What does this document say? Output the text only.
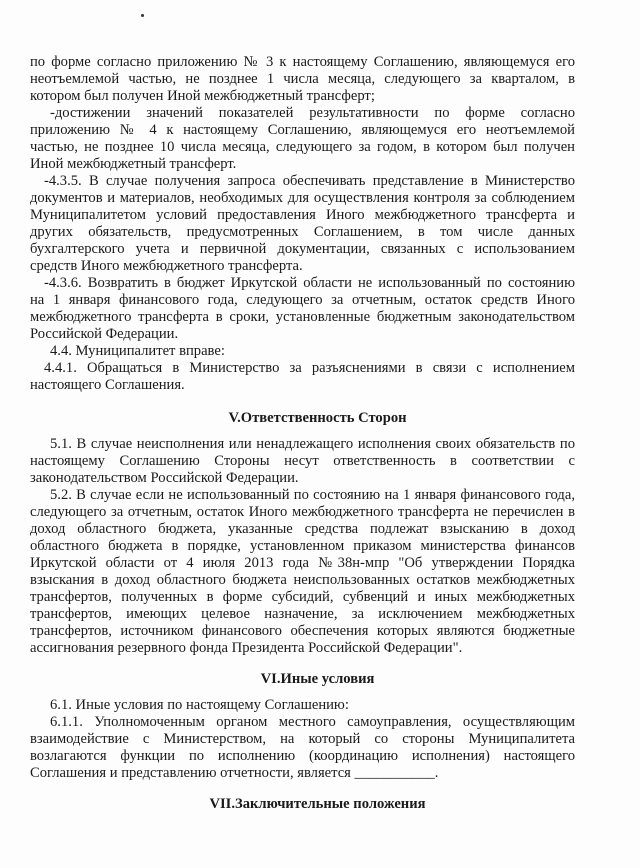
по форме согласно приложению № 3 к настоящему Соглашению, являющемуся его
неотъемлемой частью, не позднее 1 числа месяца, следующего за кварталом, в
котором был получен Иной межбюджетный трансферт;
-достижении значений показателей результативности по форме согласно
приложению № 4 к настоящему Соглашению, являющемуся его неотъемлемой
частью, не позднее 10 числа месяца, следующего за годом, в котором был получен
Иной межбюджетный трансферт.
-4.3.5. В случае получения запроса обеспечивать представление в Министерство
документов и материалов, необходимых для осуществления контроля за соблюдением
Муниципалитетом условий предоставления Иного межбюджетного трансферта и
других обязательств, предусмотренных Соглашением, в том числе данных
бухгалтерского учета и первичной документации, связанных с использованием
средств Иного межбюджетного трансферта.
-4.3.6. Возвратить в бюджет Иркутской области не использованный по состоянию
на 1 января финансового года, следующего за отчетным, остаток средств Иного
межбюджетного трансферта в сроки, установленные бюджетным законодательством
Российской Федерации.
4.4. Муниципалитет вправе:
4.4.1. Обращаться в Министерство за разъяснениями в связи с исполнением
настоящего Соглашения.
V.Ответственность Сторон
5.1. В случае неисполнения или ненадлежащего исполнения своих обязательств по
настоящему Соглашению Стороны несут ответственность в соответствии с
законодательством Российской Федерации.
5.2. В случае если не использованный по состоянию на 1 января финансового года,
следующего за отчетным, остаток Иного межбюджетного трансферта не перечислен в
доход областного бюджета, указанные средства подлежат взысканию в доход
областного бюджета в порядке, установленном приказом министерства финансов
Иркутской области от 4 июля 2013 года №38н-мпр "Об утверждении Порядка
взыскания в доход областного бюджета неиспользованных остатков межбюджетных
трансфертов, полученных в форме субсидий, субвенций и иных межбюджетных
трансфертов, имеющих целевое назначение, за исключением межбюджетных
трансфертов, источником финансового обеспечения которых являются бюджетные
ассигнования резервного фонда Президента Российской Федерации".
VI.Иные условия
6.1. Иные условия по настоящему Соглашению:
6.1.1. Уполномоченным органом местного самоуправления, осуществляющим
взаимодействие с Министерством, на который со стороны Муниципалитета
возлагаются функции по исполнению (координацию исполнения) настоящего
Соглашения и представлению отчетности, является ___________.
VII.Заключительные положения
